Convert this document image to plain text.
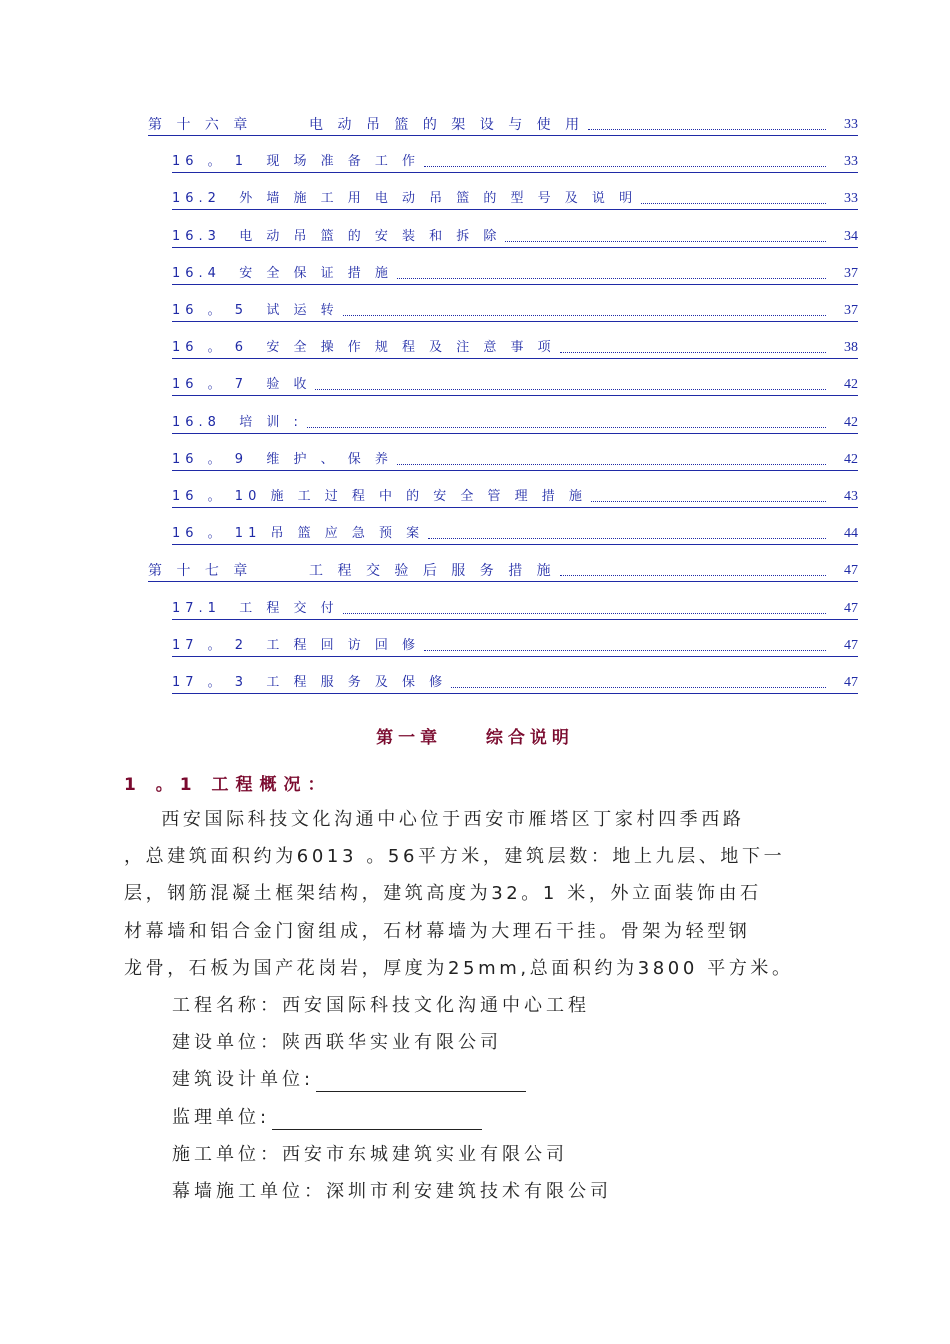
第 十 六 章      电 动 吊 篮 的 架 设 与 使 用	33
16 。 1  现 场 准 备 工 作	33
16.2  外 墙 施 工 用 电 动 吊 篮 的 型 号 及 说 明	33
16.3  电 动 吊 篮 的 安 装 和 拆 除	34
16.4  安 全 保 证 措 施	37
16 。 5  试 运 转	37
16 。 6  安 全 操 作 规 程 及 注 意 事 项	38
16 。 7  验 收	42
16.8  培 训 :	42
16 。 9  维 护 、 保 养	42
16 。 10 施 工 过 程 中 的 安 全 管 理 措 施	43
16 。 11 吊 篮 应 急 预 案	44
第 十 七 章      工 程 交 验 后 服 务 措 施	47
17.1  工 程 交 付	47
17 。 2  工 程 回 访 回 修	47
17 。 3  工 程 服 务 及 保 修	47
第一章    综合说明
1 。1 工程概况：
西安国际科技文化沟通中心位于西安市雁塔区丁家村四季西路
，总建筑面积约为6013 。56平方米，建筑层数：地上九层、地下一
层，钢筋混凝土框架结构，建筑高度为32。1 米，外立面装饰由石
材幕墙和铝合金门窗组成，石材幕墙为大理石干挂。骨架为轻型钢
龙骨，石板为国产花岗岩，厚度为25mm,总面积约为3800 平方米。
工程名称：西安国际科技文化沟通中心工程
建设单位：陕西联华实业有限公司
建筑设计单位:
监理单位:
施工单位：西安市东城建筑实业有限公司
幕墙施工单位：深圳市利安建筑技术有限公司
